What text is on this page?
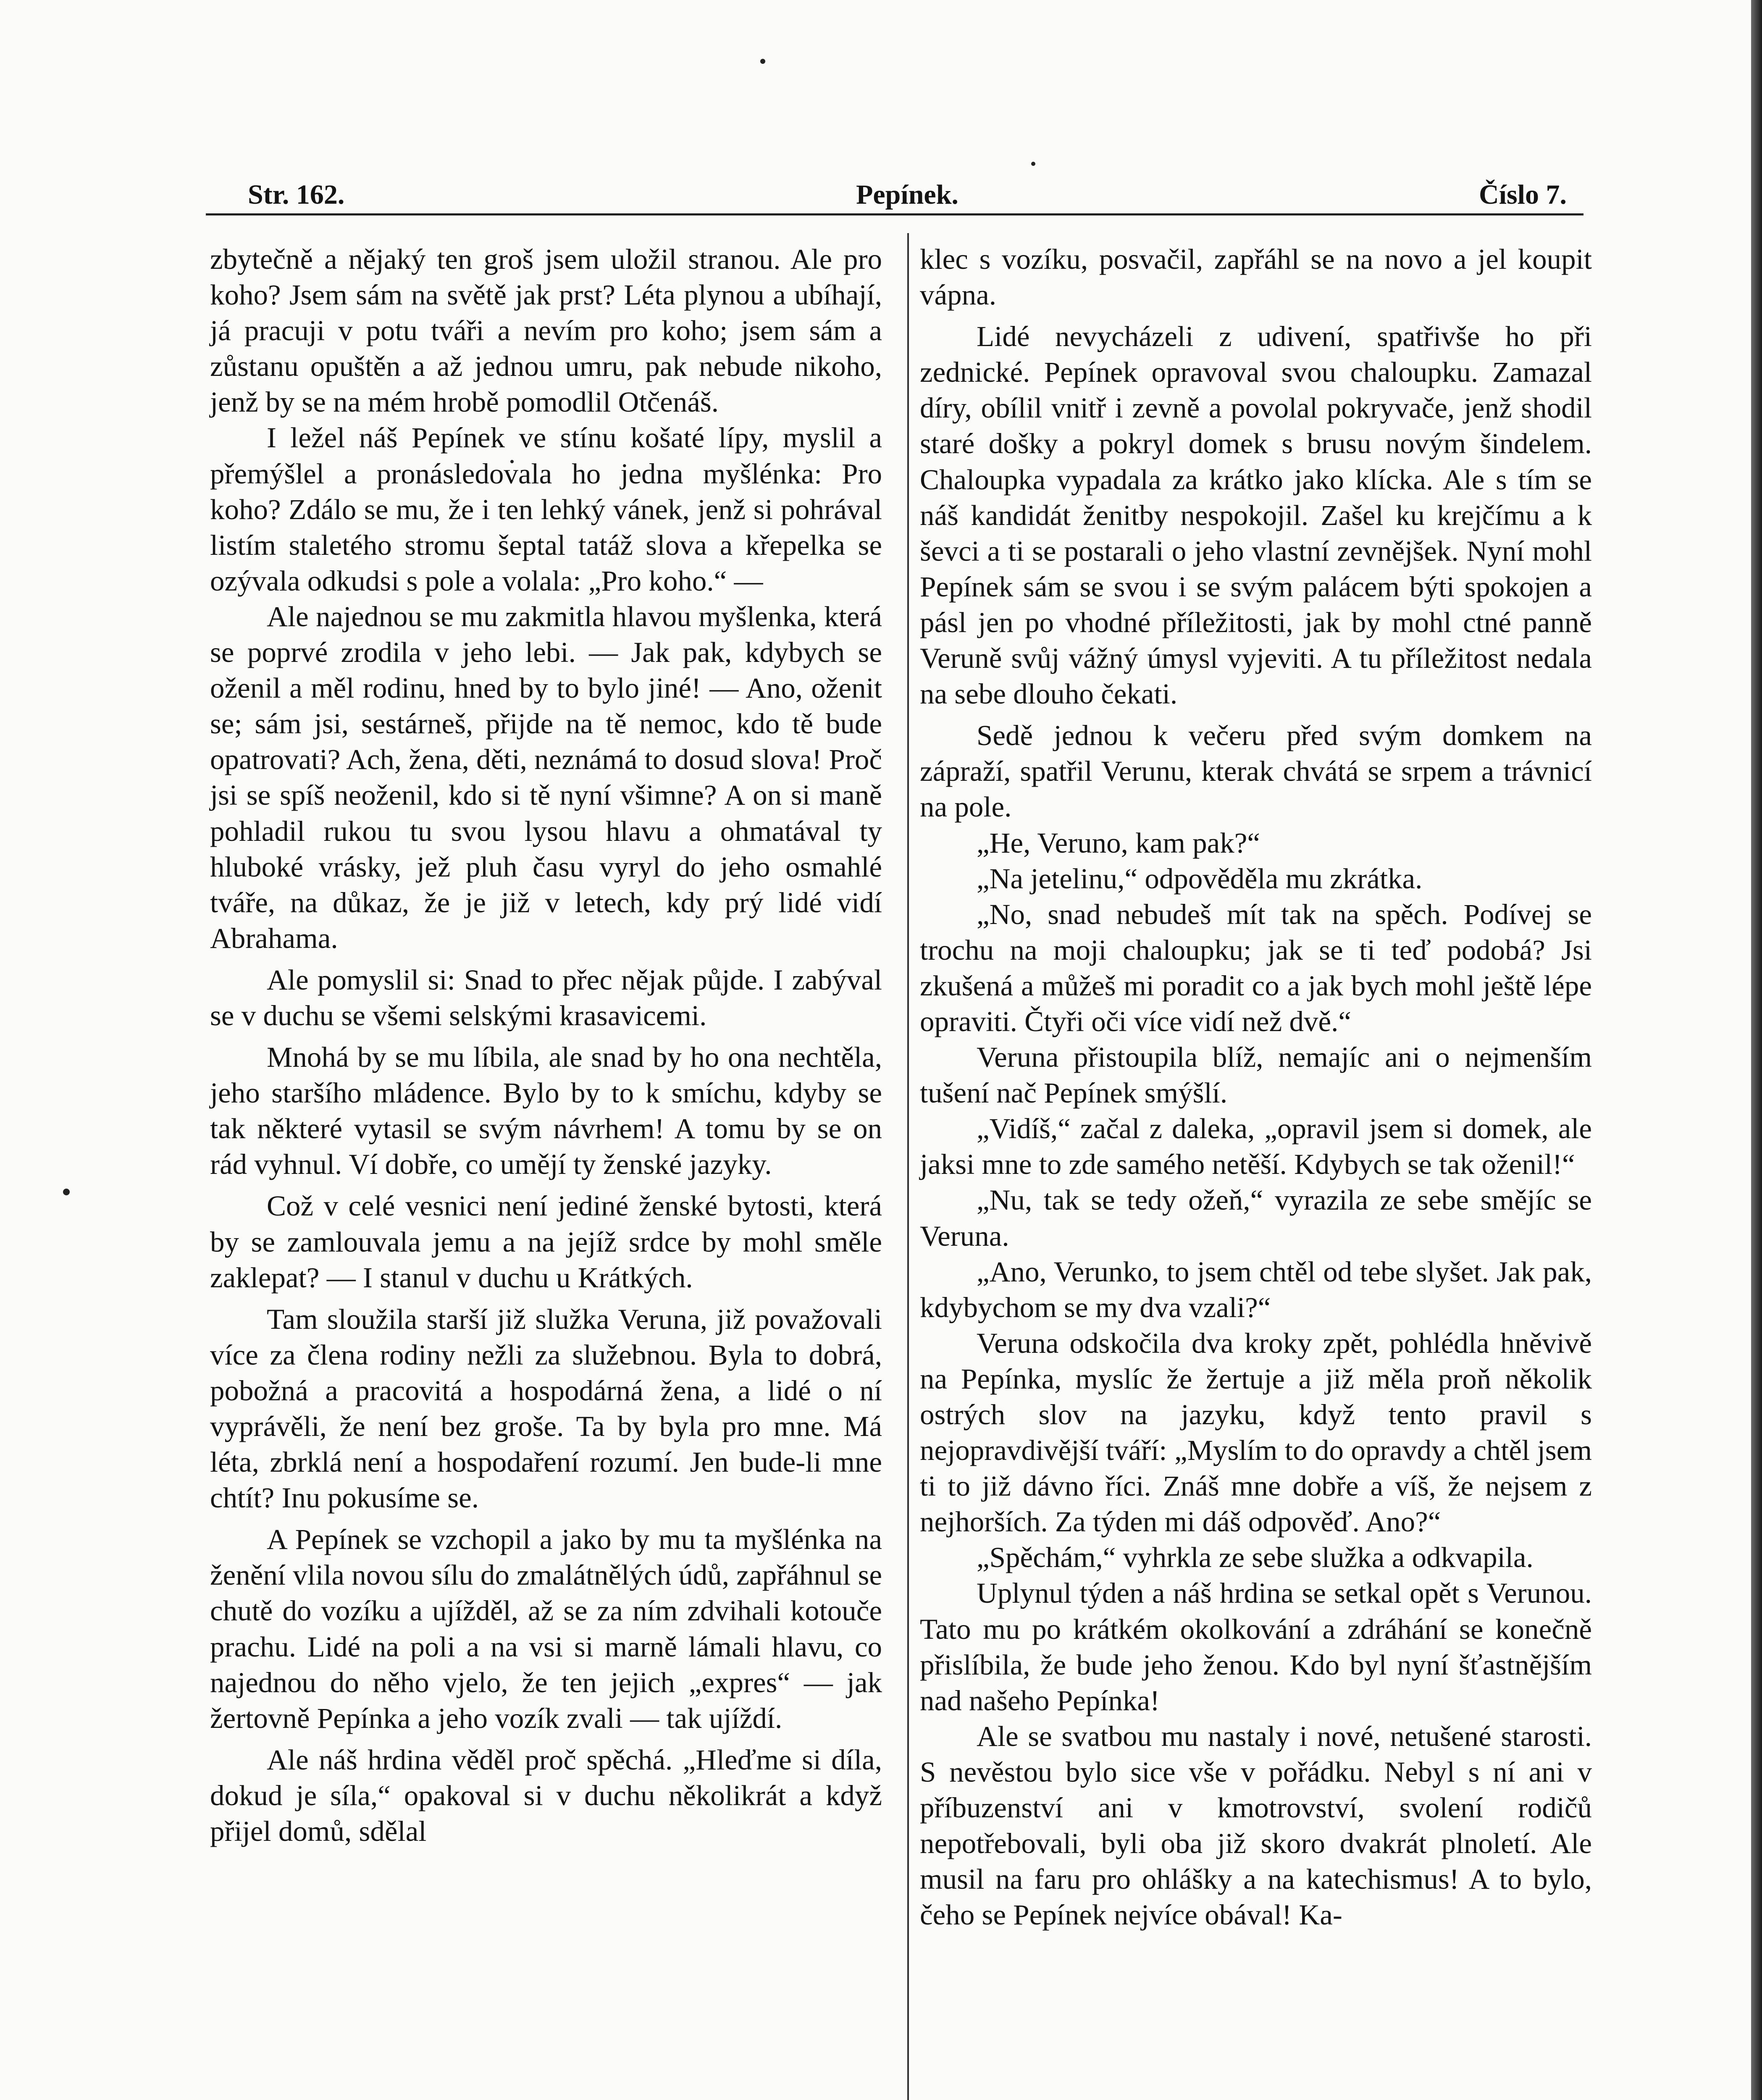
Str. 162.	Pepínek.	Číslo 7.

zbytečně a nějaký ten groš jsem uložil stranou. Ale pro koho? Jsem sám na světě jak prst? Léta plynou a ubíhají, já pracuji v potu tváři a nevím pro koho; jsem sám a zůstanu opuštěn a až jednou umru, pak nebude nikoho, jenž by se na mém hrobě pomodlil Otčenáš.

I ležel náš Pepínek ve stínu košaté lípy, myslil a přemýšlel a pronásledovala ho jedna myšlénka: Pro koho? Zdálo se mu, že i ten lehký vánek, jenž si pohrával listím staletého stromu šeptal tatáž slova a křepelka se ozývala odkudsi s pole a volala: „Pro koho.“ —

Ale najednou se mu zakmitla hlavou myšlenka, která se poprvé zrodila v jeho lebi. — Jak pak, kdybych se oženil a měl rodinu, hned by to bylo jiné! — Ano, oženit se; sám jsi, sestárneš, přijde na tě nemoc, kdo tě bude opatrovati? Ach, žena, děti, neznámá to dosud slova! Proč jsi se spíš neoženil, kdo si tě nyní všimne? A on si maně pohladil rukou tu svou lysou hlavu a ohmatával ty hluboké vrásky, jež pluh času vyryl do jeho osmahlé tváře, na důkaz, že je již v letech, kdy prý lidé vidí Abrahama.

Ale pomyslil si: Snad to přec nějak půjde. I zabýval se v duchu se všemi selskými krasavicemi.

Mnohá by se mu líbila, ale snad by ho ona nechtěla, jeho staršího mládence. Bylo by to k smíchu, kdyby se tak některé vytasil se svým návrhem! A tomu by se on rád vyhnul. Ví dobře, co umějí ty ženské jazyky.

Což v celé vesnici není jediné ženské bytosti, která by se zamlouvala jemu a na jejíž srdce by mohl směle zaklepat? — I stanul v duchu u Krátkých.

Tam sloužila starší již služka Veruna, již považovali více za člena rodiny nežli za služebnou. Byla to dobrá, pobožná a pracovitá a hospodárná žena, a lidé o ní vyprávěli, že není bez groše. Ta by byla pro mne. Má léta, zbrklá není a hospodaření rozumí. Jen bude-li mne chtít? Inu pokusíme se.

A Pepínek se vzchopil a jako by mu ta myšlénka na ženění vlila novou sílu do zmalátnělých údů, zapřáhnul se chutě do vozíku a ujížděl, až se za ním zdvihali kotouče prachu. Lidé na poli a na vsi si marně lámali hlavu, co najednou do něho vjelo, že ten jejich „expres“ — jak žertovně Pepínka a jeho vozík zvali — tak ujíždí.

Ale náš hrdina věděl proč spěchá. „Hleďme si díla, dokud je síla,“ opakoval si v duchu několikrát a když přijel domů, sdělal

klec s vozíku, posvačil, zapřáhl se na novo a jel koupit vápna.

Lidé nevycházeli z udivení, spatřivše ho při zednické. Pepínek opravoval svou chaloupku. Zamazal díry, obílil vnitř i zevně a povolal pokryvače, jenž shodil staré došky a pokryl domek s brusu novým šindelem. Chaloupka vypadala za krátko jako klícka. Ale s tím se náš kandidát ženitby nespokojil. Zašel ku krejčímu a k ševci a ti se postarali o jeho vlastní zevnějšek. Nyní mohl Pepínek sám se svou i se svým palácem býti spokojen a pásl jen po vhodné příležitosti, jak by mohl ctné panně Veruně svůj vážný úmysl vyjeviti. A tu příležitost nedala na sebe dlouho čekati.

Sedě jednou k večeru před svým domkem na zápraží, spatřil Verunu, kterak chvátá se srpem a trávnicí na pole.

„He, Veruno, kam pak?“

„Na jetelinu,“ odpověděla mu zkrátka.

„No, snad nebudeš mít tak na spěch. Podívej se trochu na moji chaloupku; jak se ti teď podobá? Jsi zkušená a můžeš mi poradit co a jak bych mohl ještě lépe opraviti. Čtyři oči více vidí než dvě.“

Veruna přistoupila blíž, nemajíc ani o nejmenším tušení nač Pepínek smýšlí.

„Vidíš,“ začal z daleka, „opravil jsem si domek, ale jaksi mne to zde samého netěší. Kdybych se tak oženil!“

„Nu, tak se tedy ožeň,“ vyrazila ze sebe smějíc se Veruna.

„Ano, Verunko, to jsem chtěl od tebe slyšet. Jak pak, kdybychom se my dva vzali?“

Veruna odskočila dva kroky zpět, pohlédla hněvivě na Pepínka, myslíc že žertuje a již měla proň několik ostrých slov na jazyku, když tento pravil s nejopravdivější tváří: „Myslím to do opravdy a chtěl jsem ti to již dávno říci. Znáš mne dobře a víš, že nejsem z nejhorších. Za týden mi dáš odpověď. Ano?“

„Spěchám,“ vyhrkla ze sebe služka a odkvapila.

Uplynul týden a náš hrdina se setkal opět s Verunou. Tato mu po krátkém okolkování a zdráhání se konečně přislíbila, že bude jeho ženou. Kdo byl nyní šťastnějším nad našeho Pepínka!

Ale se svatbou mu nastaly i nové, netušené starosti. S nevěstou bylo sice vše v pořádku. Nebyl s ní ani v příbuzenství ani v kmotrovství, svolení rodičů nepotřebovali, byli oba již skoro dvakrát plnoletí. Ale musil na faru pro ohlášky a na katechismus! A to bylo, čeho se Pepínek nejvíce obával! Ka-
